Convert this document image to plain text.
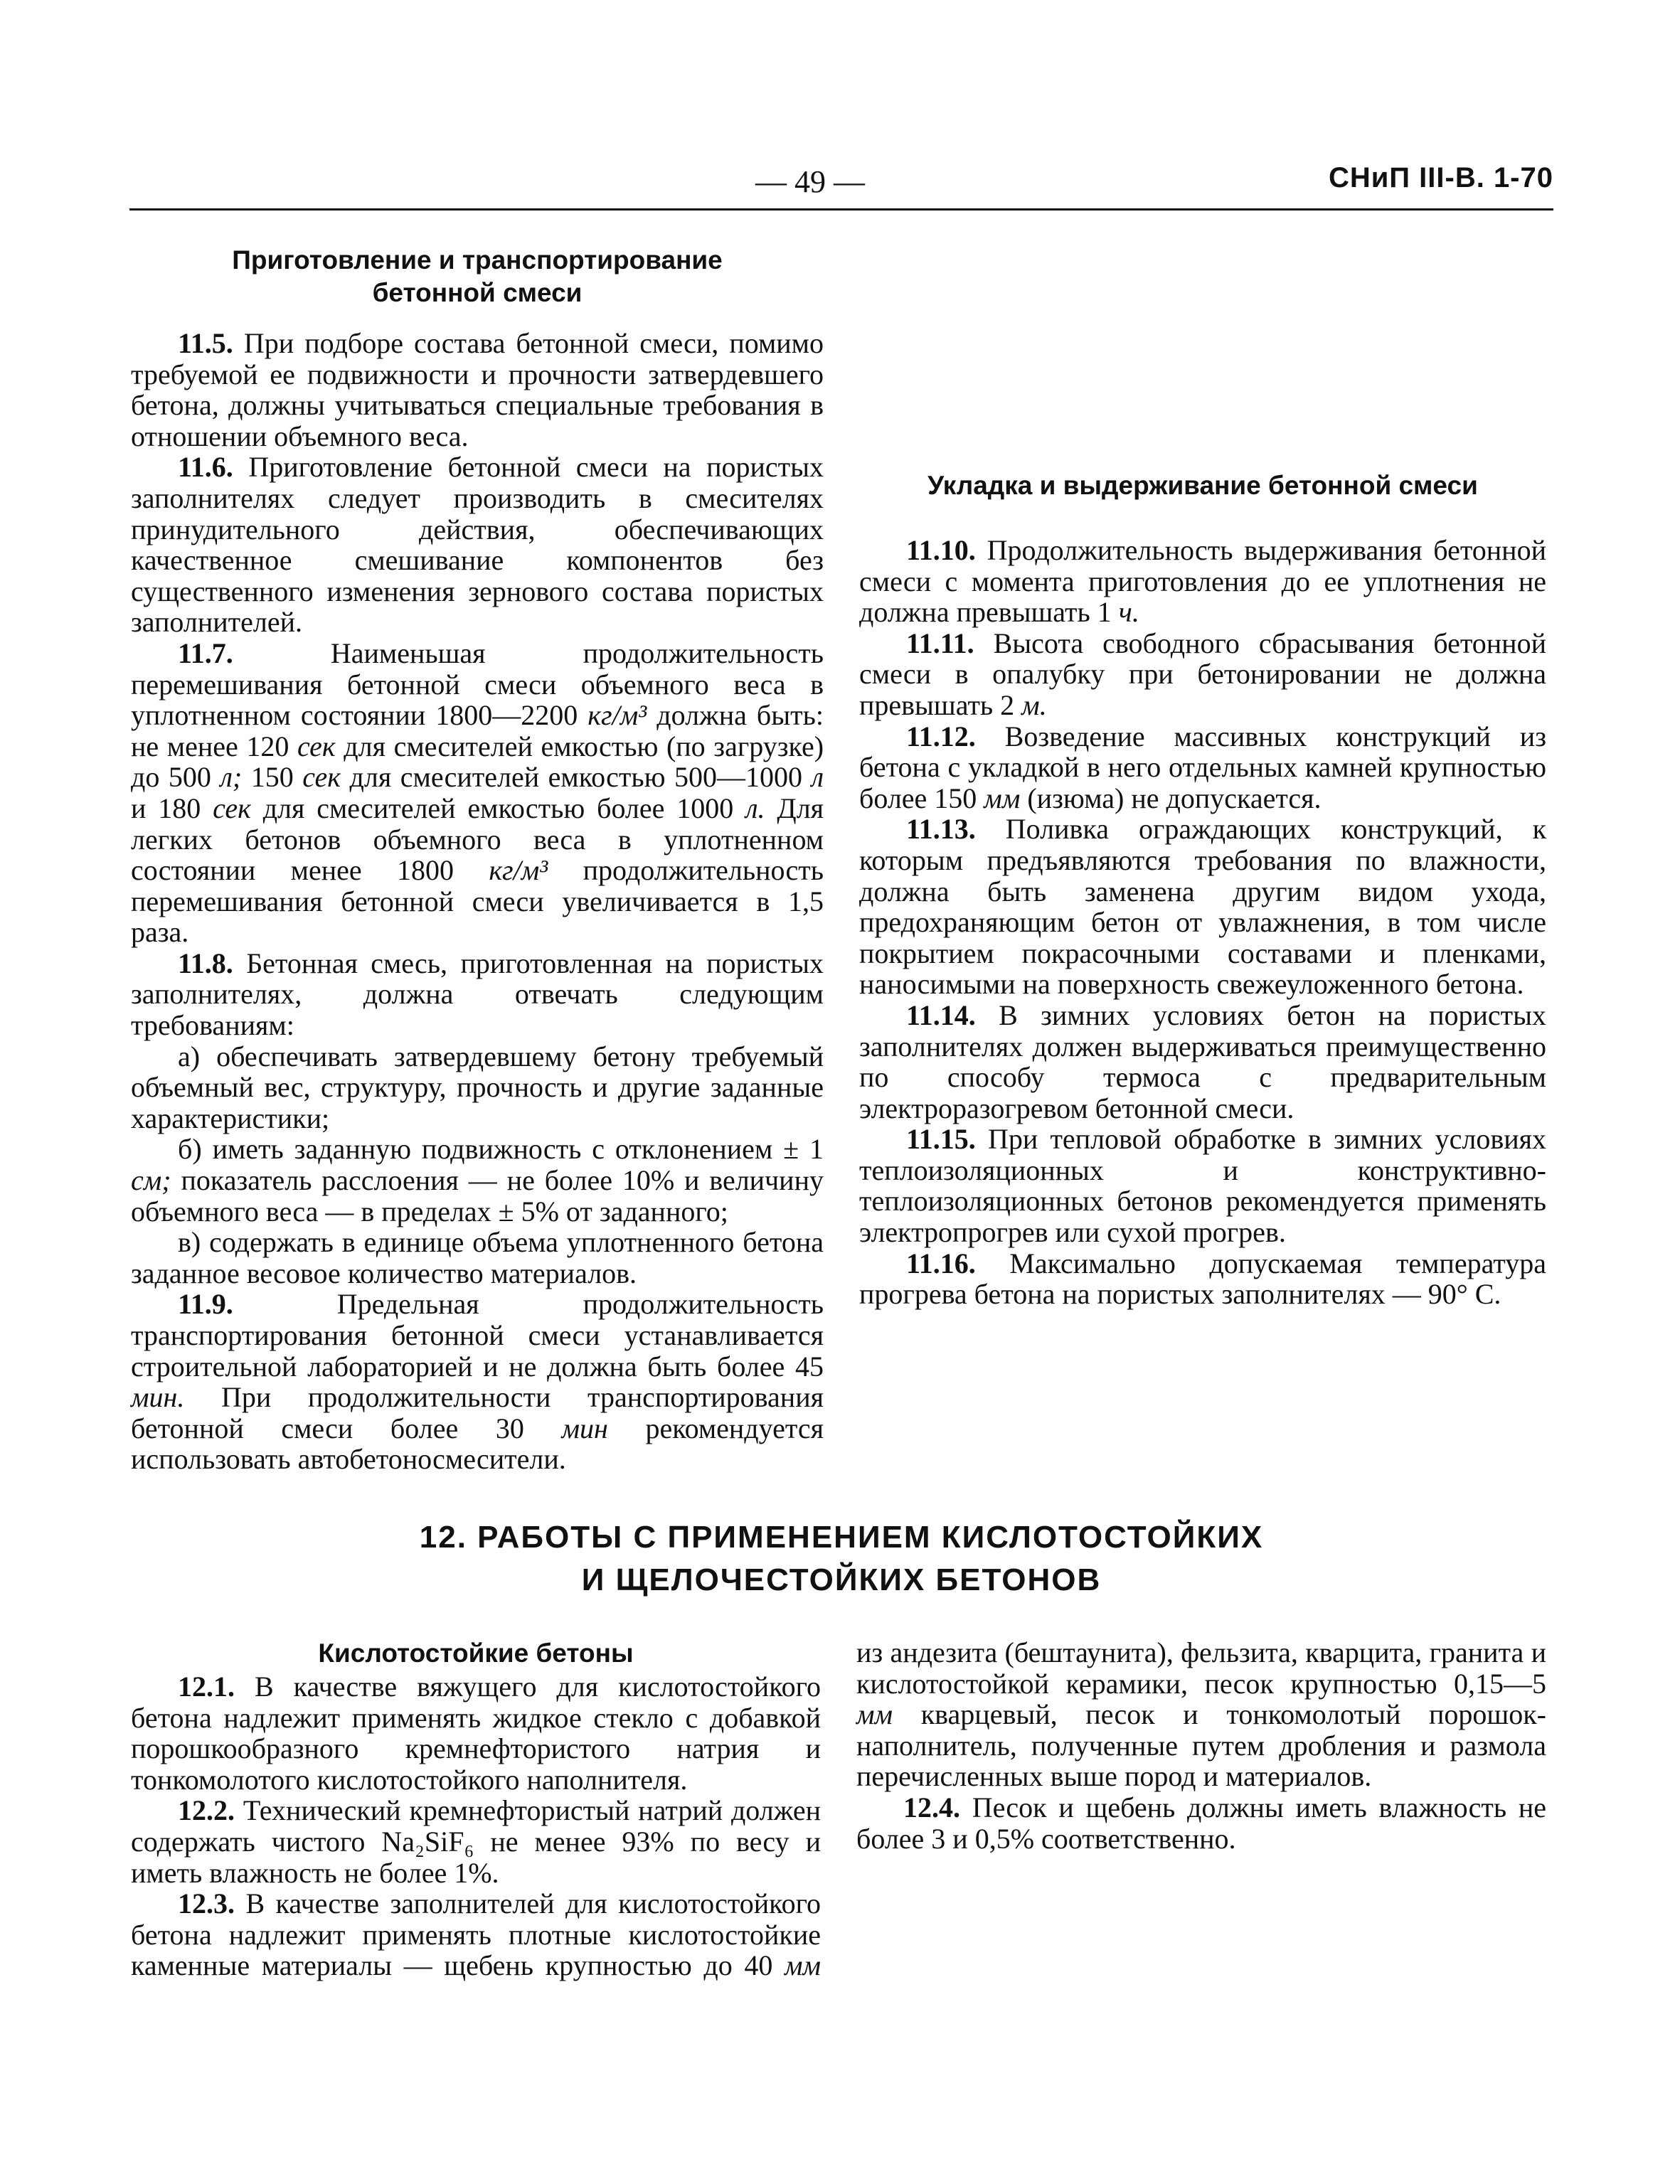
— 49 —	СНиП III-В. 1-70
Приготовление и транспортирование
бетонной смеси

11.5. При подборе состава бетонной смеси, помимо требуемой ее подвижности и прочности затвердевшего бетона, должны учитываться специальные требования в отношении объемного веса.

11.6. Приготовление бетонной смеси на пористых заполнителях следует производить в смесителях принудительного действия, обеспечивающих качественное смешивание компонентов без существенного изменения зернового состава пористых заполнителей.

11.7.	Наименьшая продолжительность перемешивания бетонной смеси объемного веса в уплотненном состоянии 1800—2200 кг/м³ должна быть: не менее 120 сек для смесителей емкостью (по загрузке) до 500 л; 150 сек для смесителей емкостью 500—1000 л и 180 сек для смесителей емкостью более 1000 л. Для легких бетонов объемного веса в уплотненном состоянии менее 1800 кг/м³ продолжительность перемешивания бетонной смеси увеличивается в 1,5 раза.

11.8. Бетонная смесь, приготовленная на пористых заполнителях, должна отвечать следующим требованиям:

а) обеспечивать затвердевшему бетону требуемый объемный вес, структуру, прочность и другие заданные характеристики;

б) иметь заданную подвижность с отклонением ± 1 см; показатель расслоения — не более 10% и величину объемного веса — в пределах ± 5% от заданного;

в) содержать в единице объема уплотненного бетона заданное весовое количество материалов.

11.9.	Предельная продолжительность транспортирования бетонной смеси устанавливается строительной лабораторией и не должна быть более 45 мин. При продолжительности транспортирования бетонной смеси более 30 мин рекомендуется использовать автобетоносмесители.

Укладка и выдерживание бетонной смеси

11.10. Продолжительность выдерживания бетонной смеси с момента приготовления до ее уплотнения не должна превышать 1 ч.

11.11. Высота свободного сбрасывания бетонной смеси в опалубку при бетонировании не должна превышать 2 м.

11.12. Возведение массивных конструкций из бетона с укладкой в него отдельных камней крупностью более 150 мм (изюма) не допускается.

11.13. Поливка ограждающих конструкций, к которым предъявляются требования по влажности, должна быть заменена другим видом ухода, предохраняющим бетон от увлажнения, в том числе покрытием покрасочными составами и пленками, наносимыми на поверхность свежеуложенного бетона.

11.14. В зимних условиях бетон на пористых заполнителях должен выдерживаться преимущественно по способу термоса с предварительным электроразогревом бетонной смеси.

11.15. При тепловой обработке в зимних условиях теплоизоляционных и конструктивно-теплоизоляционных бетонов рекомендуется применять электропрогрев или сухой прогрев.

11.16. Максимально допускаемая температура прогрева бетона на пористых заполнителях — 90° С.

12. РАБОТЫ С ПРИМЕНЕНИЕМ КИСЛОТОСТОЙКИХ
И ЩЕЛОЧЕСТОЙКИХ БЕТОНОВ
Кислотостойкие бетоны

12.1. В качестве вяжущего для кислотостойкого бетона надлежит применять жидкое стекло с добавкой порошкообразного кремнефтористого натрия и тонкомолотого кислотостойкого наполнителя.

12.2. Технический кремнефтористый натрий должен содержать чистого Na₂SiF₆ не менее 93% по весу и иметь влажность не более 1%.

12.3. В качестве заполнителей для кислотостойкого бетона надлежит применять плотные кислотостойкие каменные материалы — щебень крупностью до 40 мм из андезита (бештаунита), фельзита, кварцита, гранита и кислотостойкой керамики, песок крупностью 0,15—5 мм кварцевый, песок и тонкомолотый порошок-наполнитель, полученные путем дробления и размола перечисленных выше пород и материалов.

12.4. Песок и щебень должны иметь влажность не более 3 и 0,5% соответственно.
